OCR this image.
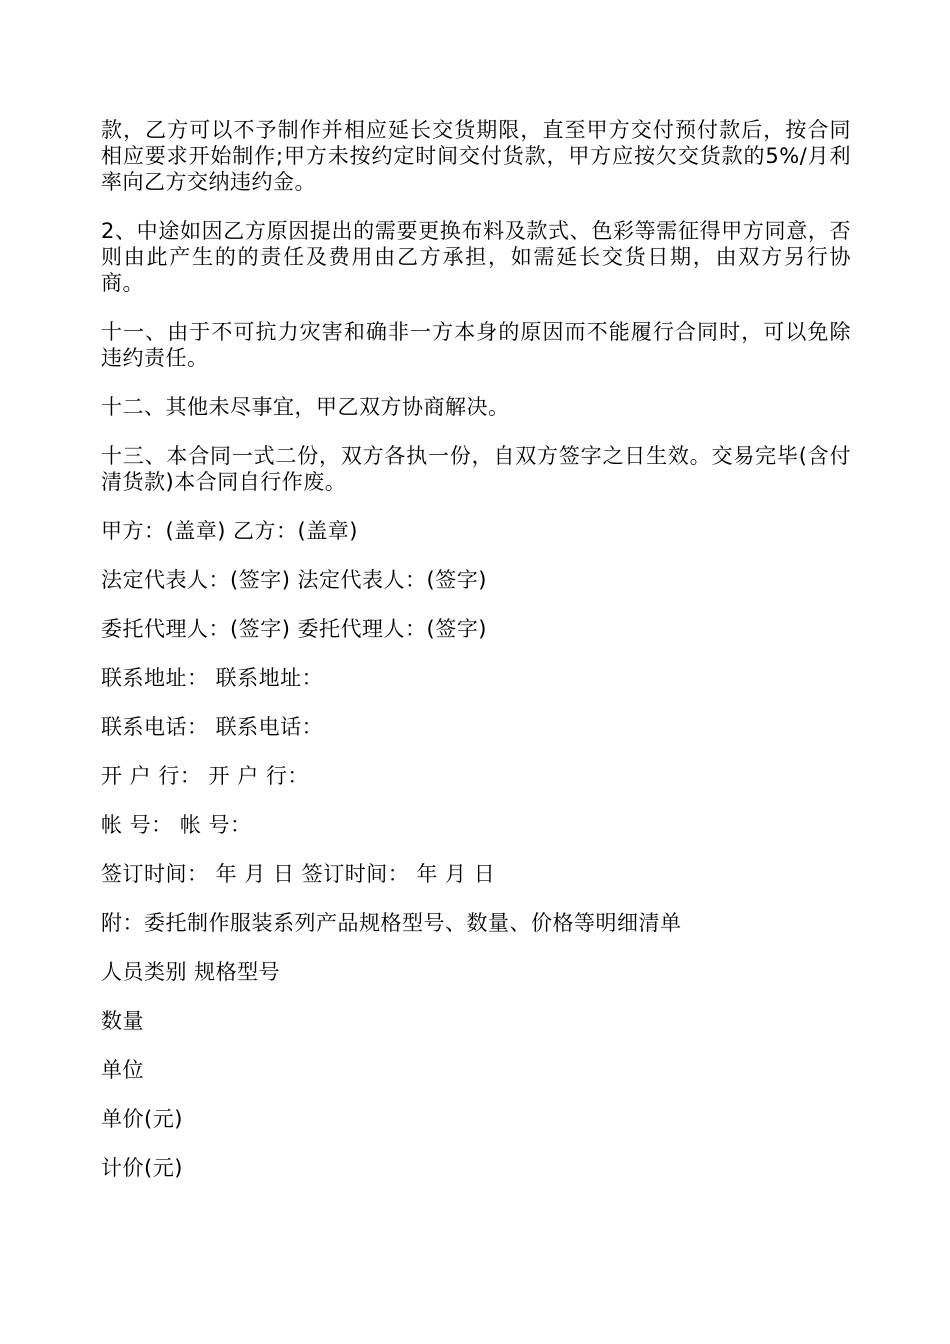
款，乙方可以不予制作并相应延长交货期限，直至甲方交付预付款后，按合同相应要求开始制作;甲方未按约定时间交付货款，甲方应按欠交货款的5%/月利率向乙方交纳违约金。

2、中途如因乙方原因提出的需要更换布料及款式、色彩等需征得甲方同意，否则由此产生的的责任及费用由乙方承担，如需延长交货日期，由双方另行协商。

十一、由于不可抗力灾害和确非一方本身的原因而不能履行合同时，可以免除违约责任。

十二、其他未尽事宜，甲乙双方协商解决。

十三、本合同一式二份，双方各执一份，自双方签字之日生效。交易完毕(含付清货款)本合同自行作废。

甲方：(盖章) 乙方：(盖章)

法定代表人：(签字) 法定代表人：(签字)

委托代理人：(签字) 委托代理人：(签字)

联系地址： 联系地址：

联系电话： 联系电话：

开 户 行： 开 户 行：

帐 号： 帐 号：

签订时间： 年 月 日 签订时间： 年 月 日

附：委托制作服装系列产品规格型号、数量、价格等明细清单

人员类别 规格型号

数量

单位

单价(元)

计价(元)
